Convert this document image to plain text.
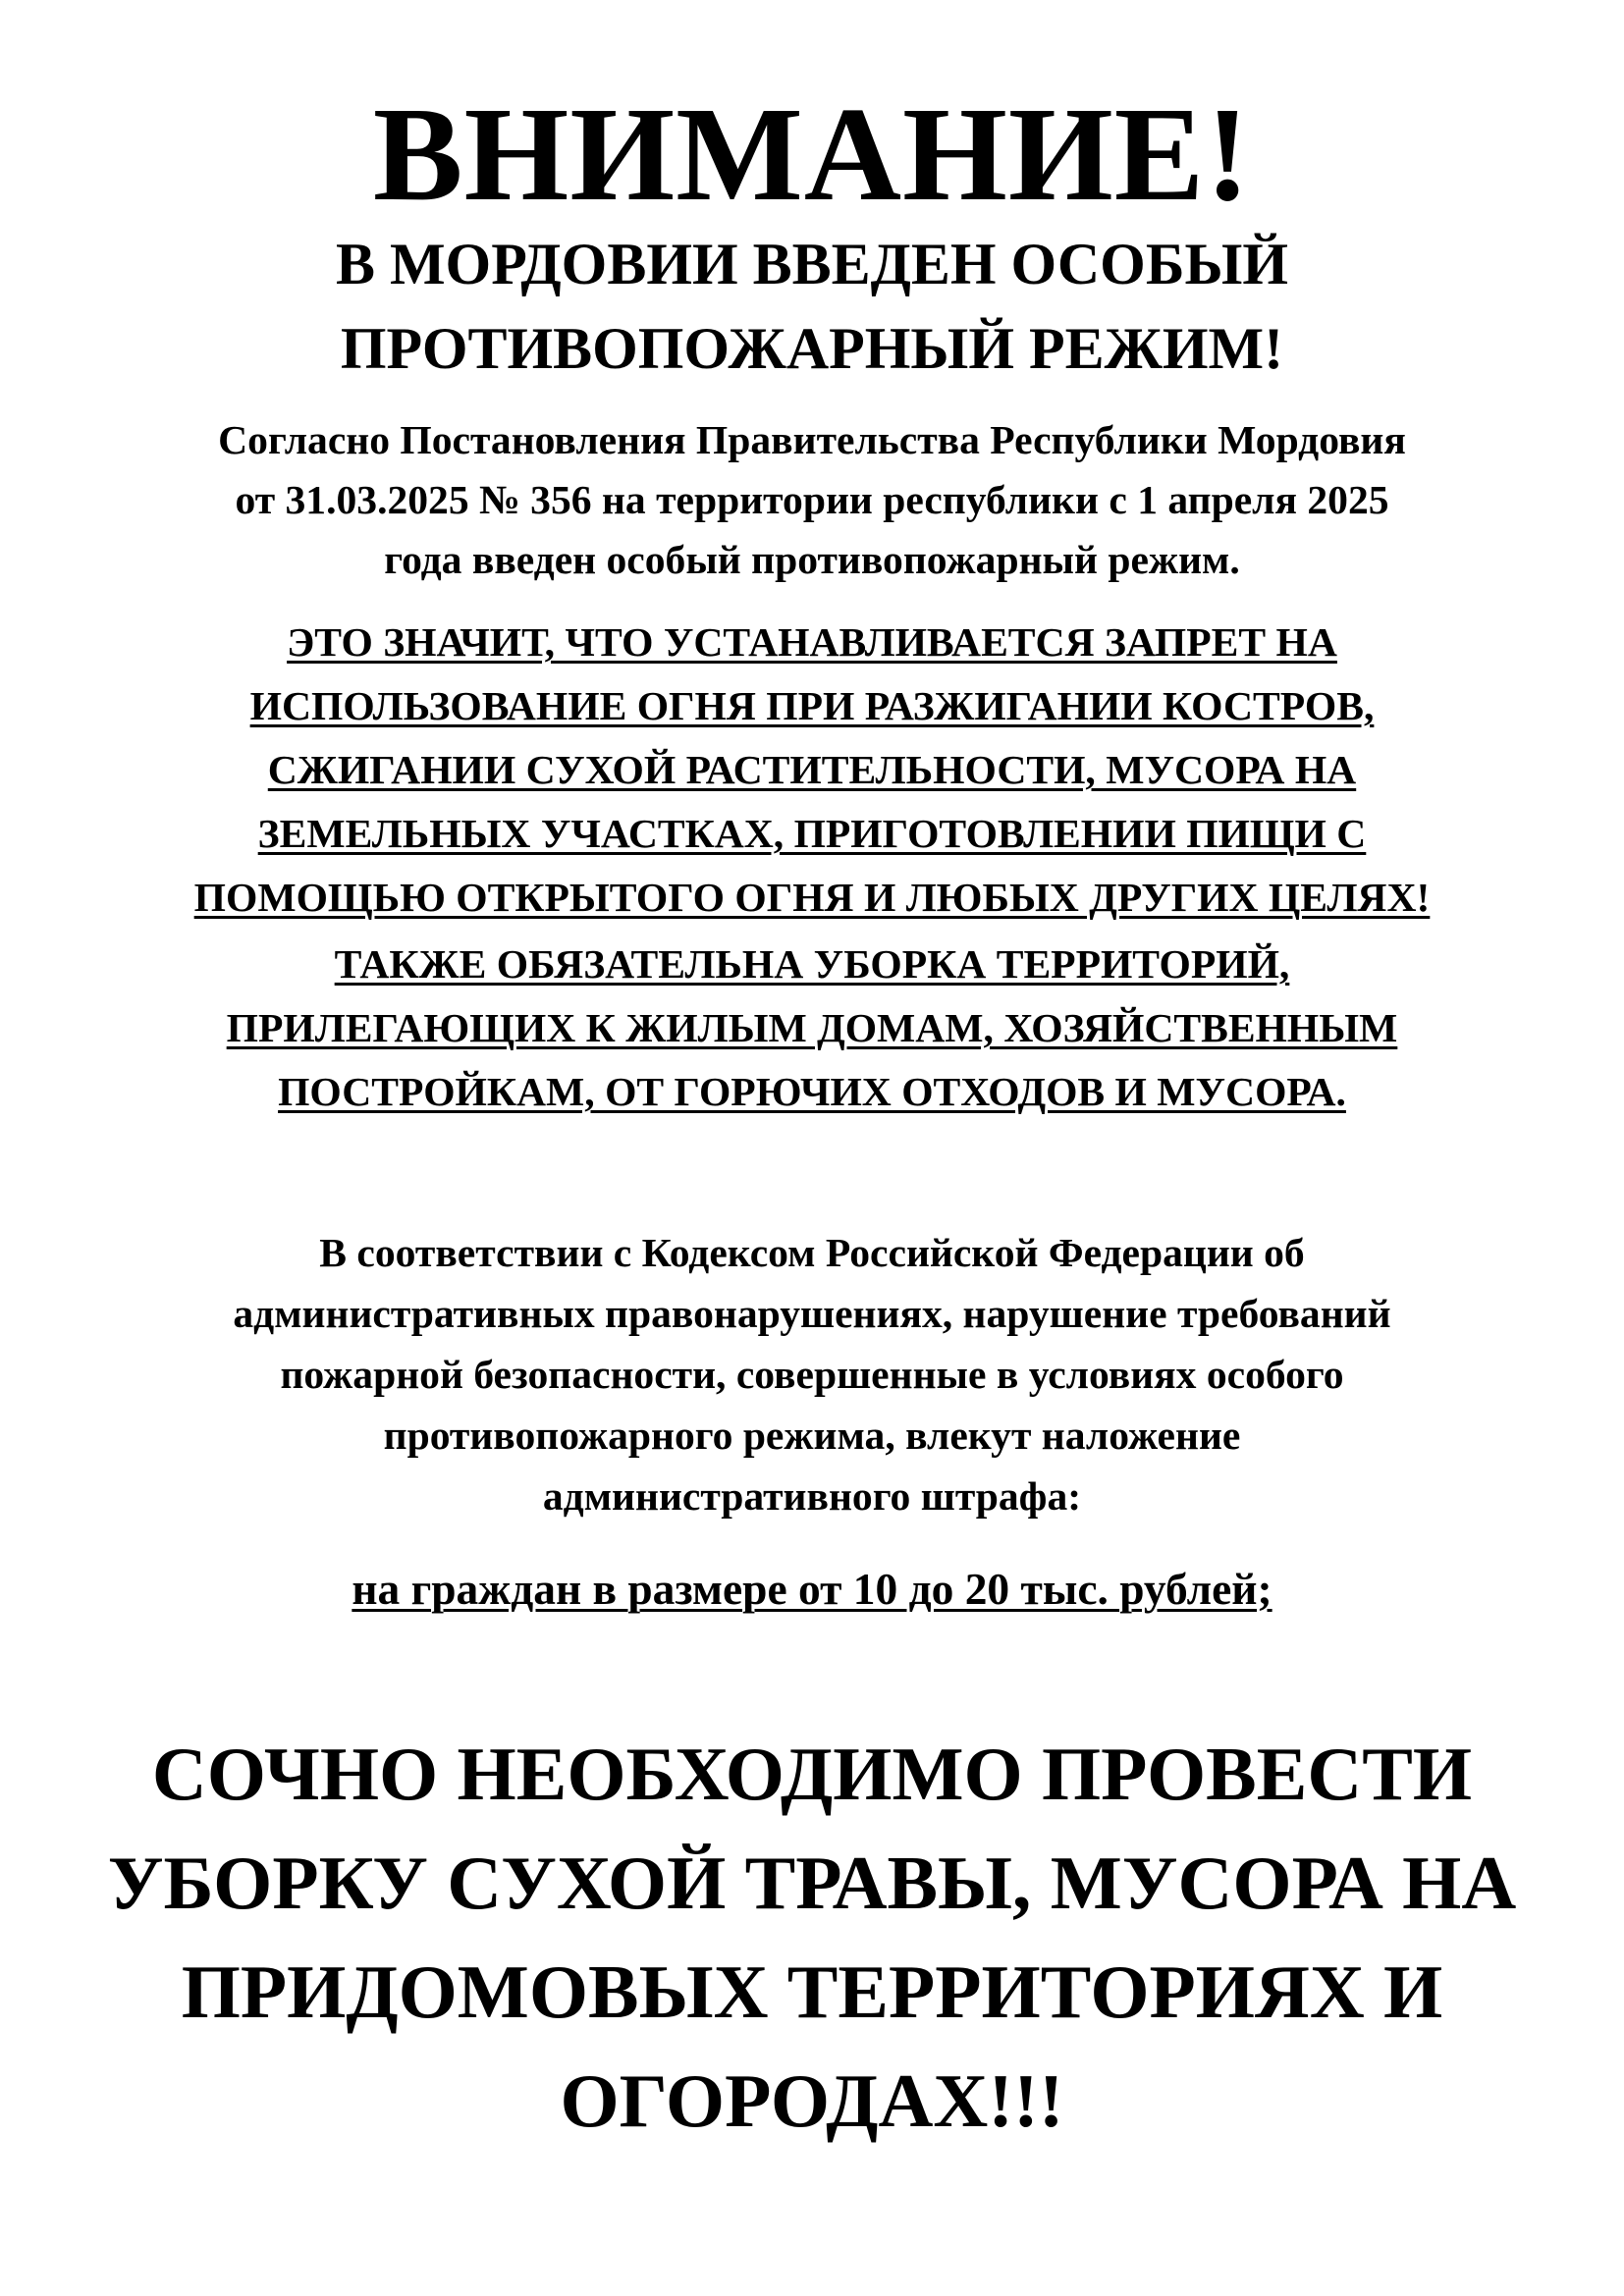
ВНИМАНИЕ!
В МОРДОВИИ ВВЕДЕН ОСОБЫЙ
ПРОТИВОПОЖАРНЫЙ РЕЖИМ!

Согласно Постановления Правительства Республики Мордовия
от 31.03.2025 № 356 на территории республики с 1 апреля 2025
года введен особый противопожарный режим.

ЭТО ЗНАЧИТ, ЧТО УСТАНАВЛИВАЕТСЯ ЗАПРЕТ НА
ИСПОЛЬЗОВАНИЕ ОГНЯ ПРИ РАЗЖИГАНИИ КОСТРОВ,
СЖИГАНИИ СУХОЙ РАСТИТЕЛЬНОСТИ, МУСОРА НА
ЗЕМЕЛЬНЫХ УЧАСТКАХ, ПРИГОТОВЛЕНИИ ПИЩИ С
ПОМОЩЬЮ ОТКРЫТОГО ОГНЯ И ЛЮБЫХ ДРУГИХ ЦЕЛЯХ!

ТАКЖЕ ОБЯЗАТЕЛЬНА УБОРКА ТЕРРИТОРИЙ,
ПРИЛЕГАЮЩИХ К ЖИЛЫМ ДОМАМ, ХОЗЯЙСТВЕННЫМ
ПОСТРОЙКАМ, ОТ ГОРЮЧИХ ОТХОДОВ И МУСОРА.

В соответствии с Кодексом Российской Федерации об
административных правонарушениях, нарушение требований
пожарной безопасности, совершенные в условиях особого
противопожарного режима, влекут наложение
административного штрафа:

на граждан в размере от 10 до 20 тыс. рублей;

СОЧНО НЕОБХОДИМО ПРОВЕСТИ
УБОРКУ СУХОЙ ТРАВЫ, МУСОРА НА
ПРИДОМОВЫХ ТЕРРИТОРИЯХ И
ОГОРОДАХ!!!
